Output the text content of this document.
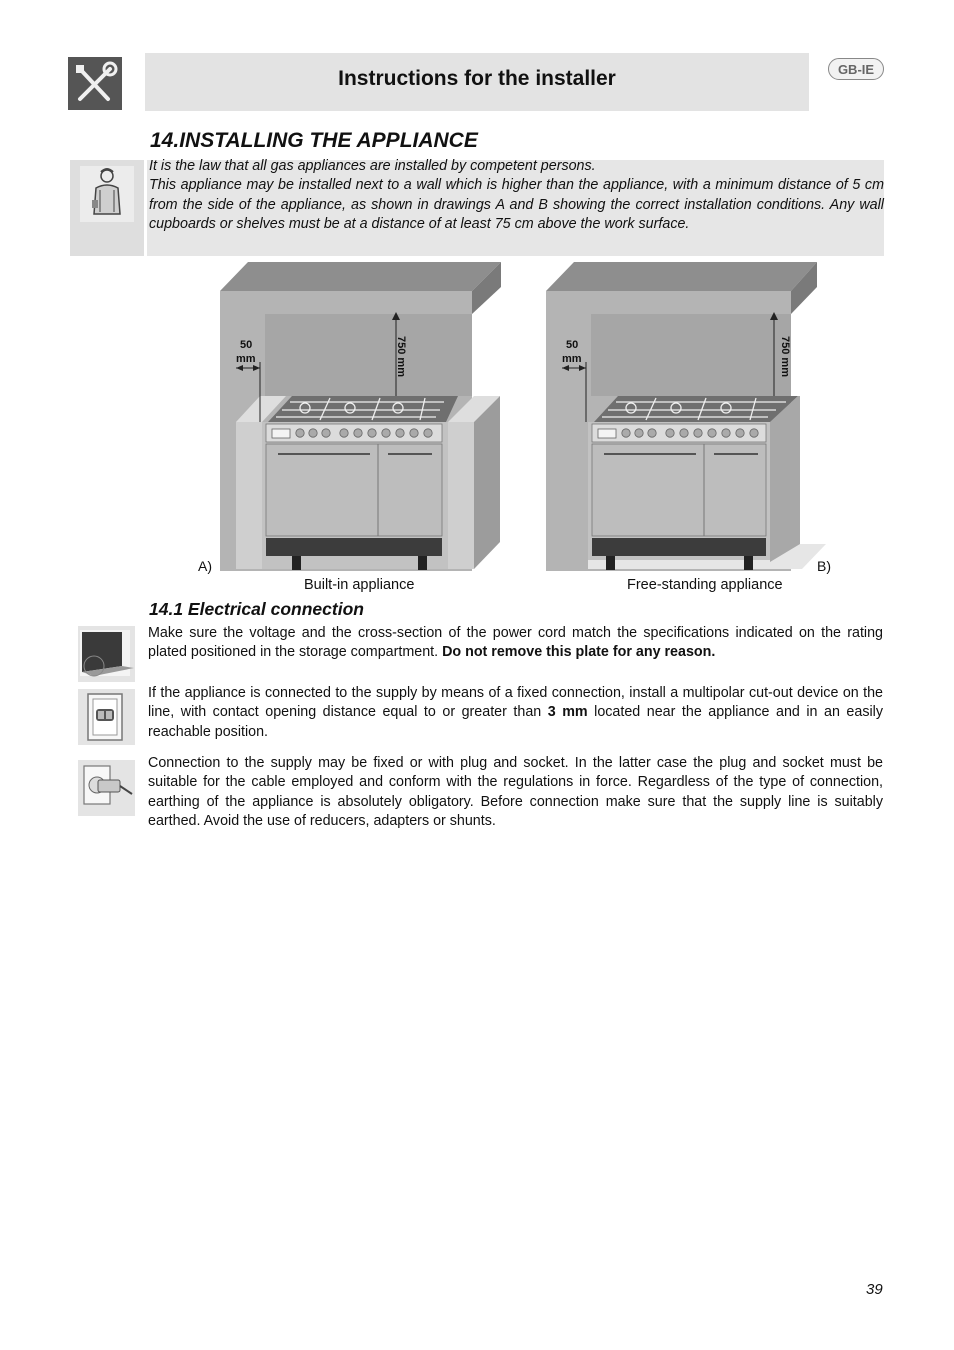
Instructions for the installer	GB-IE
14.INSTALLING THE APPLIANCE

It is the law that all gas appliances are installed by competent persons.

This appliance may be installed next to a wall which is higher than the appliance, with a minimum distance of 5 cm from the side of the appliance, as shown in drawings A and B showing the correct installation conditions. Any wall cupboards or shelves must be at a distance of at least 75 cm above the work surface.

50
mm	750 mm	50
mm	750 mm
A)	B)
Built-in appliance	Free-standing appliance
14.1 Electrical connection

Make sure the voltage and the cross-section of the power cord match the specifications indicated on the rating plated positioned in the storage compartment. Do not remove this plate for any reason.

If the appliance is connected to the supply by means of a fixed connection, install a multipolar cut-out device on the line, with contact opening distance equal to or greater than 3 mm located near the appliance and in an easily reachable position.

Connection to the supply may be fixed or with plug and socket. In the latter case the plug and socket must be suitable for the cable employed and conform with the regulations in force. Regardless of the type of connection, earthing of the appliance is absolutely obligatory. Before connection make sure that the supply line is suitably earthed. Avoid the use of reducers, adapters or shunts.

39
